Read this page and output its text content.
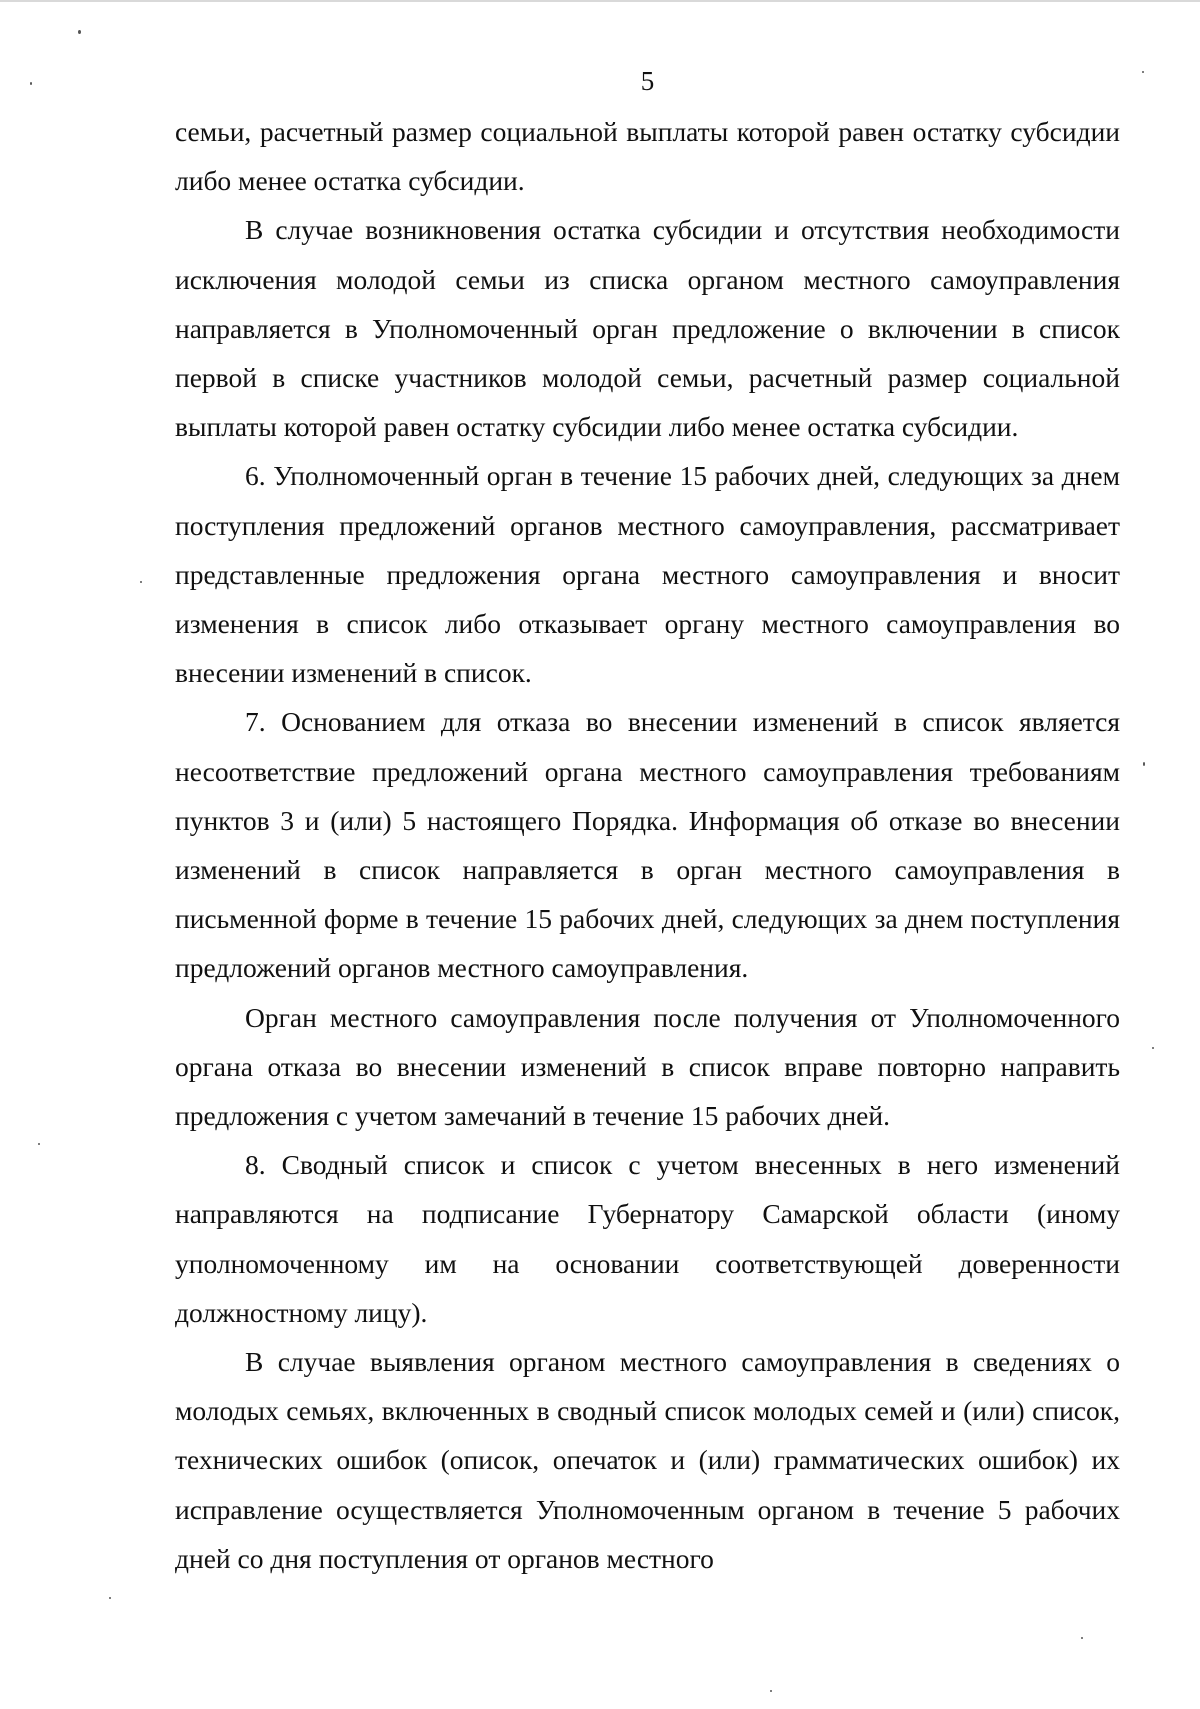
5

семьи, расчетный размер социальной выплаты которой равен остатку субсидии либо менее остатка субсидии.

В случае возникновения остатка субсидии и отсутствия необходимости исключения молодой семьи из списка органом местного самоуправления направляется в Уполномоченный орган предложение о включении в список первой в списке участников молодой семьи, расчетный размер социальной выплаты которой равен остатку субсидии либо менее остатка субсидии.

6. Уполномоченный орган в течение 15 рабочих дней, следующих за днем поступления предложений органов местного самоуправления, рассматривает представленные предложения органа местного самоуправления и вносит изменения в список либо отказывает органу местного самоуправления во внесении изменений в список.

7. Основанием для отказа во внесении изменений в список является несоответствие предложений органа местного самоуправления требованиям пунктов 3 и (или) 5 настоящего Порядка. Информация об отказе во внесении изменений в список направляется в орган местного самоуправления в письменной форме в течение 15 рабочих дней, следующих за днем поступления предложений органов местного самоуправления.

Орган местного самоуправления после получения от Уполномоченного органа отказа во внесении изменений в список вправе повторно направить предложения с учетом замечаний в течение 15 рабочих дней.

8. Сводный список и список с учетом внесенных в него изменений направляются на подписание Губернатору Самарской области (иному уполномоченному им на основании соответствующей доверенности должностному лицу).

В случае выявления органом местного самоуправления в сведениях о молодых семьях, включенных в сводный список молодых семей и (или) список, технических ошибок (описок, опечаток и (или) грамматических ошибок) их исправление осуществляется Уполномоченным органом в течение 5 рабочих дней со дня поступления от органов местного
